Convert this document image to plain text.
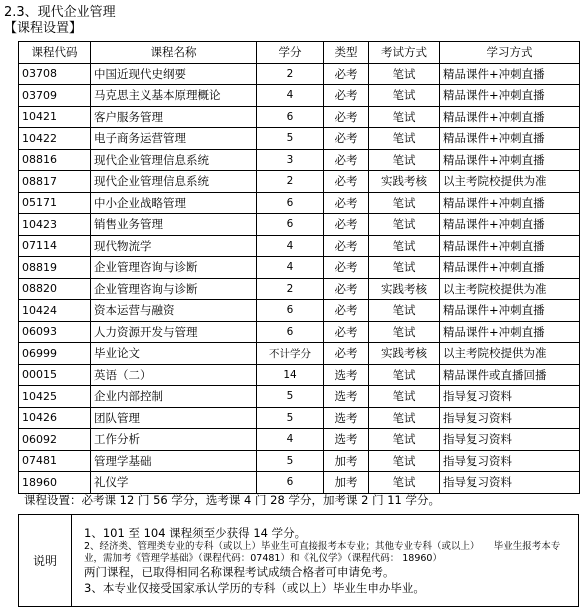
2.3、现代企业管理
【课程设置】
课程代码	课程名称	学分	类型	考试方式	学习方式
03708	中国近现代史纲要	2	必考	笔试	精品课件+冲刺直播
03709	马克思主义基本原理概论	4	必考	笔试	精品课件+冲刺直播
10421	客户服务管理	6	必考	笔试	精品课件+冲刺直播
10422	电子商务运营管理	5	必考	笔试	精品课件+冲刺直播
08816	现代企业管理信息系统	3	必考	笔试	精品课件+冲刺直播
08817	现代企业管理信息系统	2	必考	实践考核	以主考院校提供为准
05171	中小企业战略管理	6	必考	笔试	精品课件+冲刺直播
10423	销售业务管理	6	必考	笔试	精品课件+冲刺直播
07114	现代物流学	4	必考	笔试	精品课件+冲刺直播
08819	企业管理咨询与诊断	4	必考	笔试	精品课件+冲刺直播
08820	企业管理咨询与诊断	2	必考	实践考核	以主考院校提供为准
10424	资本运营与融资	6	必考	笔试	精品课件+冲刺直播
06093	人力资源开发与管理	6	必考	笔试	精品课件+冲刺直播
06999	毕业论文	不计学分	必考	实践考核	以主考院校提供为准
00015	英语（二）	14	选考	笔试	精品课件或直播回播
10425	企业内部控制	5	选考	笔试	指导复习资料
10426	团队管理	5	选考	笔试	指导复习资料
06092	工作分析	4	选考	笔试	指导复习资料
07481	管理学基础	5	加考	笔试	指导复习资料
18960	礼仪学	6	加考	笔试	指导复习资料
课程设置：必考课 12 门 56 学分，选考课 4 门 28 学分，加考课 2 门 11 学分。
说明	
1、101 至 104 课程须至少获得 14 学分。
2、经济类、管理类专业的专科（或以上）毕业生可直接报考本专业；其他专业专科（或以上）　　毕业生报考本专业，需加考《管理学基础》（课程代码：07481）和《礼仪学》（课程代码： 18960）
两门课程，已取得相同名称课程考试成绩合格者可申请免考。
3、本专业仅接受国家承认学历的专科（或以上）毕业生申办毕业。
